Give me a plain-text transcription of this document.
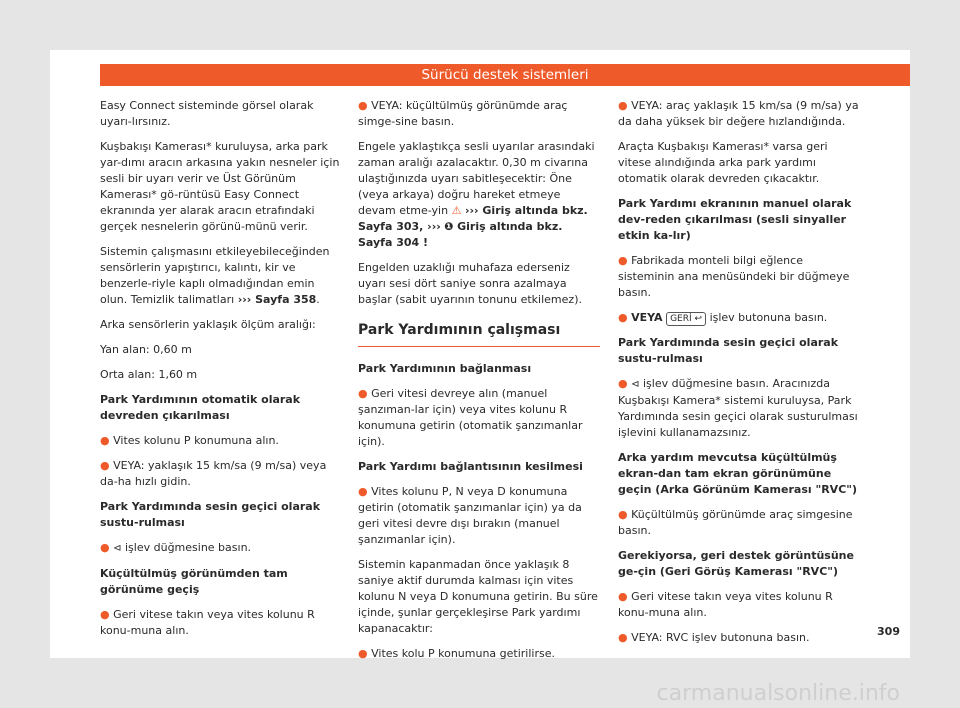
Sürücü destek sistemleri

Easy Connect sisteminde görsel olarak uyarı-lırsınız.

Kuşbakışı Kamerası* kuruluysa, arka park yar-dımı aracın arkasına yakın nesneler için sesli bir uyarı verir ve Üst Görünüm Kamerası* gö-rüntüsü Easy Connect ekranında yer alarak aracın etrafındaki gerçek nesnelerin görünü-münü verir.

Sistemin çalışmasını etkileyebileceğinden sensörlerin yapıştırıcı, kalıntı, kir ve benzerle-riyle kaplı olmadığından emin olun. Temizlik talimatları ››› Sayfa 358.

Arka sensörlerin yaklaşık ölçüm aralığı:

Yan alan: 0,60 m

Orta alan: 1,60 m

Park Yardımının otomatik olarak devreden çıkarılması

● Vites kolunu P konumuna alın.

● VEYA: yaklaşık 15 km/sa (9 m/sa) veya da-ha hızlı gidin.

Park Yardımında sesin geçici olarak sustu-rulması

● ⊲ işlev düğmesine basın.

Küçültülmüş görünümden tam görünüme geçiş

● Geri vitese takın veya vites kolunu R konu-muna alın.

● VEYA: küçültülmüş görünümde araç simge-sine basın.

Engele yaklaştıkça sesli uyarılar arasındaki zaman aralığı azalacaktır. 0,30 m civarına ulaştığınızda uyarı sabitleşecektir: Öne (veya arkaya) doğru hareket etmeye devam etme-yin ⚠ ››› Giriş altında bkz. Sayfa 303, ››› ❶ Giriş altında bkz. Sayfa 304 !

Engelden uzaklığı muhafaza ederseniz uyarı sesi dört saniye sonra azalmaya başlar (sabit uyarının tonunu etkilemez).

Park Yardımının çalışması

Park Yardımının bağlanması

● Geri vitesi devreye alın (manuel şanzıman-lar için) veya vites kolunu R konumuna getirin (otomatik şanzımanlar için).

Park Yardımı bağlantısının kesilmesi

● Vites kolunu P, N veya D konumuna getirin (otomatik şanzımanlar için) ya da geri vitesi devre dışı bırakın (manuel şanzımanlar için).

Sistemin kapanmadan önce yaklaşık 8 saniye aktif durumda kalması için vites kolunu N veya D konumuna getirin. Bu süre içinde, şunlar gerçekleşirse Park yardımı kapanacaktır:

● Vites kolu P konumuna getirilirse.

● VEYA: araç yaklaşık 15 km/sa (9 m/sa) ya da daha yüksek bir değere hızlandığında.

Araçta Kuşbakışı Kamerası* varsa geri vitese alındığında arka park yardımı otomatik olarak devreden çıkacaktır.

Park Yardımı ekranının manuel olarak dev-reden çıkarılması (sesli sinyaller etkin ka-lır)

● Fabrikada monteli bilgi eğlence sisteminin ana menüsündeki bir düğmeye basın.

● VEYA GERİ ↩ işlev butonuna basın.

Park Yardımında sesin geçici olarak sustu-rulması

● ⊲ işlev düğmesine basın. Aracınızda Kuşbakışı Kamera* sistemi kuruluysa, Park Yardımında sesin geçici olarak susturulması işlevini kullanamazsınız.

Arka yardım mevcutsa küçültülmüş ekran-dan tam ekran görünümüne geçin (Arka Görünüm Kamerası "RVC")

● Küçültülmüş görünümde araç simgesine basın.

Gerekiyorsa, geri destek görüntüsüne ge-çin (Geri Görüş Kamerası "RVC")

● Geri vitese takın veya vites kolunu R konu-muna alın.

● VEYA: RVC işlev butonuna basın.	309
carmanualsonline.info
